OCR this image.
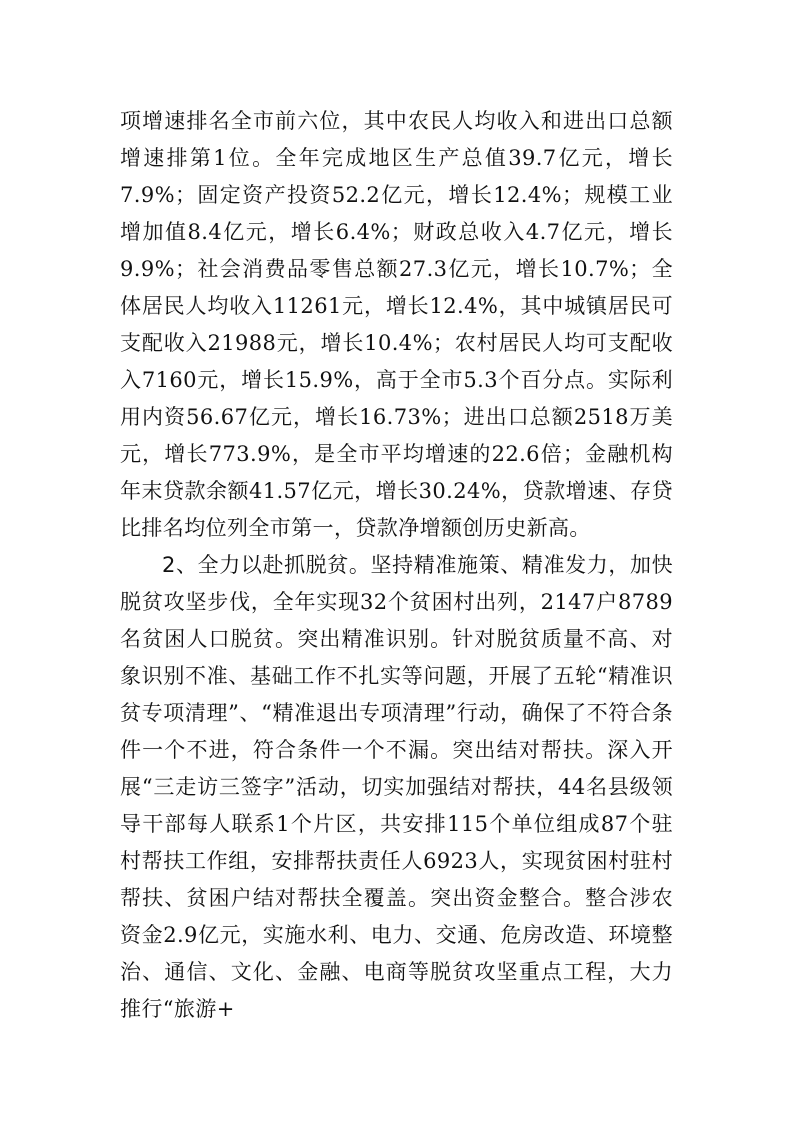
项增速排名全市前六位，其中农民人均收入和进出口总额增速排第1位。全年完成地区生产总值39.7亿元，增长7.9%；固定资产投资52.2亿元，增长12.4%；规模工业增加值8.4亿元，增长6.4%；财政总收入4.7亿元，增长9.9%；社会消费品零售总额27.3亿元，增长10.7%；全体居民人均收入11261元，增长12.4%，其中城镇居民可支配收入21988元，增长10.4%；农村居民人均可支配收入7160元，增长15.9%，高于全市5.3个百分点。实际利用内资56.67亿元，增长16.73%；进出口总额2518万美元，增长773.9%，是全市平均增速的22.6倍；金融机构年末贷款余额41.57亿元，增长30.24%，贷款增速、存贷比排名均位列全市第一，贷款净增额创历史新高。

2、全力以赴抓脱贫。坚持精准施策、精准发力，加快脱贫攻坚步伐，全年实现32个贫困村出列，2147户8789名贫困人口脱贫。突出精准识别。针对脱贫质量不高、对象识别不准、基础工作不扎实等问题，开展了五轮“精准识贫专项清理”、“精准退出专项清理”行动，确保了不符合条件一个不进，符合条件一个不漏。突出结对帮扶。深入开展“三走访三签字”活动，切实加强结对帮扶，44名县级领导干部每人联系1个片区，共安排115个单位组成87个驻村帮扶工作组，安排帮扶责任人6923人，实现贫困村驻村帮扶、贫困户结对帮扶全覆盖。突出资金整合。整合涉农资金2.9亿元，实施水利、电力、交通、危房改造、环境整治、通信、文化、金融、电商等脱贫攻坚重点工程，大力推行“旅游+
